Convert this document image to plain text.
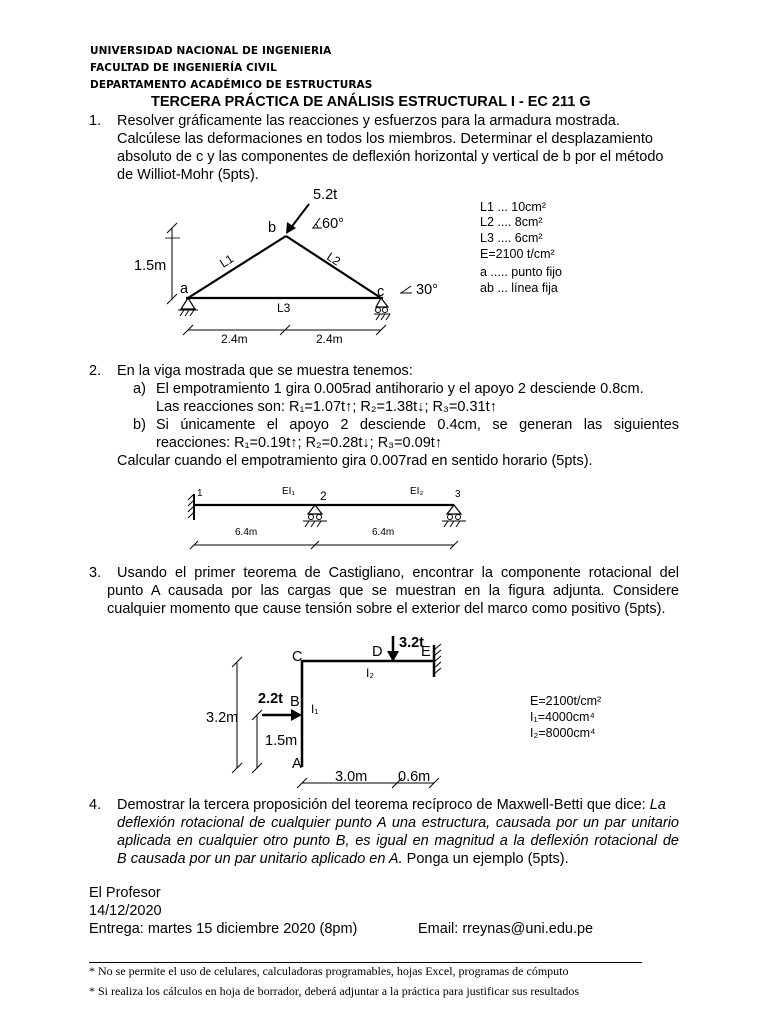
UNIVERSIDAD NACIONAL DE INGENIERIA
FACULTAD DE INGENIERÍA CIVIL
DEPARTAMENTO ACADÉMICO DE ESTRUCTURAS
TERCERA PRÁCTICA DE ANÁLISIS ESTRUCTURAL I - EC 211 G
1. Resolver gráficamente las reacciones y esfuerzos para la armadura mostrada.
Calcúlese las deformaciones en todos los miembros. Determinar el desplazamiento
absoluto de c y las componentes de deflexión horizontal y vertical de b por el método
de Williot-Mohr (5pts).
5.2t
b	60°
L1	L2
L3
1.5m
a	c 30°
2.4m	2.4m
L1 ... 10cm²
L2 .... 8cm²
L3 .... 6cm²
E=2100 t/cm²
a ..... punto fijo
ab ... línea fija
2. En la viga mostrada que se muestra tenemos:
a) El empotramiento 1 gira 0.005rad antihorario y el apoyo 2 desciende 0.8cm.
Las reacciones son: R₁=1.07t↑; R₂=1.38t↓; R₃=0.31t↑
b) Si únicamente el apoyo 2 desciende 0.4cm, se generan las siguientes
reacciones: R₁=0.19t↑; R₂=0.28t↓; R₃=0.09t↑
Calcular cuando el empotramiento gira 0.007rad en sentido horario (5pts).
1	EI₁ 2	EI₂	3
6.4m	6.4m
3. Usando el primer teorema de Castigliano, encontrar la componente rotacional del
punto A causada por las cargas que se muestran en la figura adjunta. Considere
cualquier momento que cause tensión sobre el exterior del marco como positivo (5pts).
C	D
3.2t
E
I₂
2.2t B I₁
3.2m
1.5m
A
3.0m 0.6m
E=2100t/cm²
I₁=4000cm⁴
I₂=8000cm⁴
4. Demostrar la tercera proposición del teorema recíproco de Maxwell-Betti que dice: La
deflexión rotacional de cualquier punto A una estructura, causada por un par unitario
aplicada en cualquier otro punto B, es igual en magnitud a la deflexión rotacional de
B causada por un par unitario aplicado en A. Ponga un ejemplo (5pts).
El Profesor
14/12/2020
Entrega: martes 15 diciembre 2020 (8pm)	Email: rreynas@uni.edu.pe
* No se permite el uso de celulares, calculadoras programables, hojas Excel, programas de cómputo
* Si realiza los cálculos en hoja de borrador, deberá adjuntar a la práctica para justificar sus resultados
